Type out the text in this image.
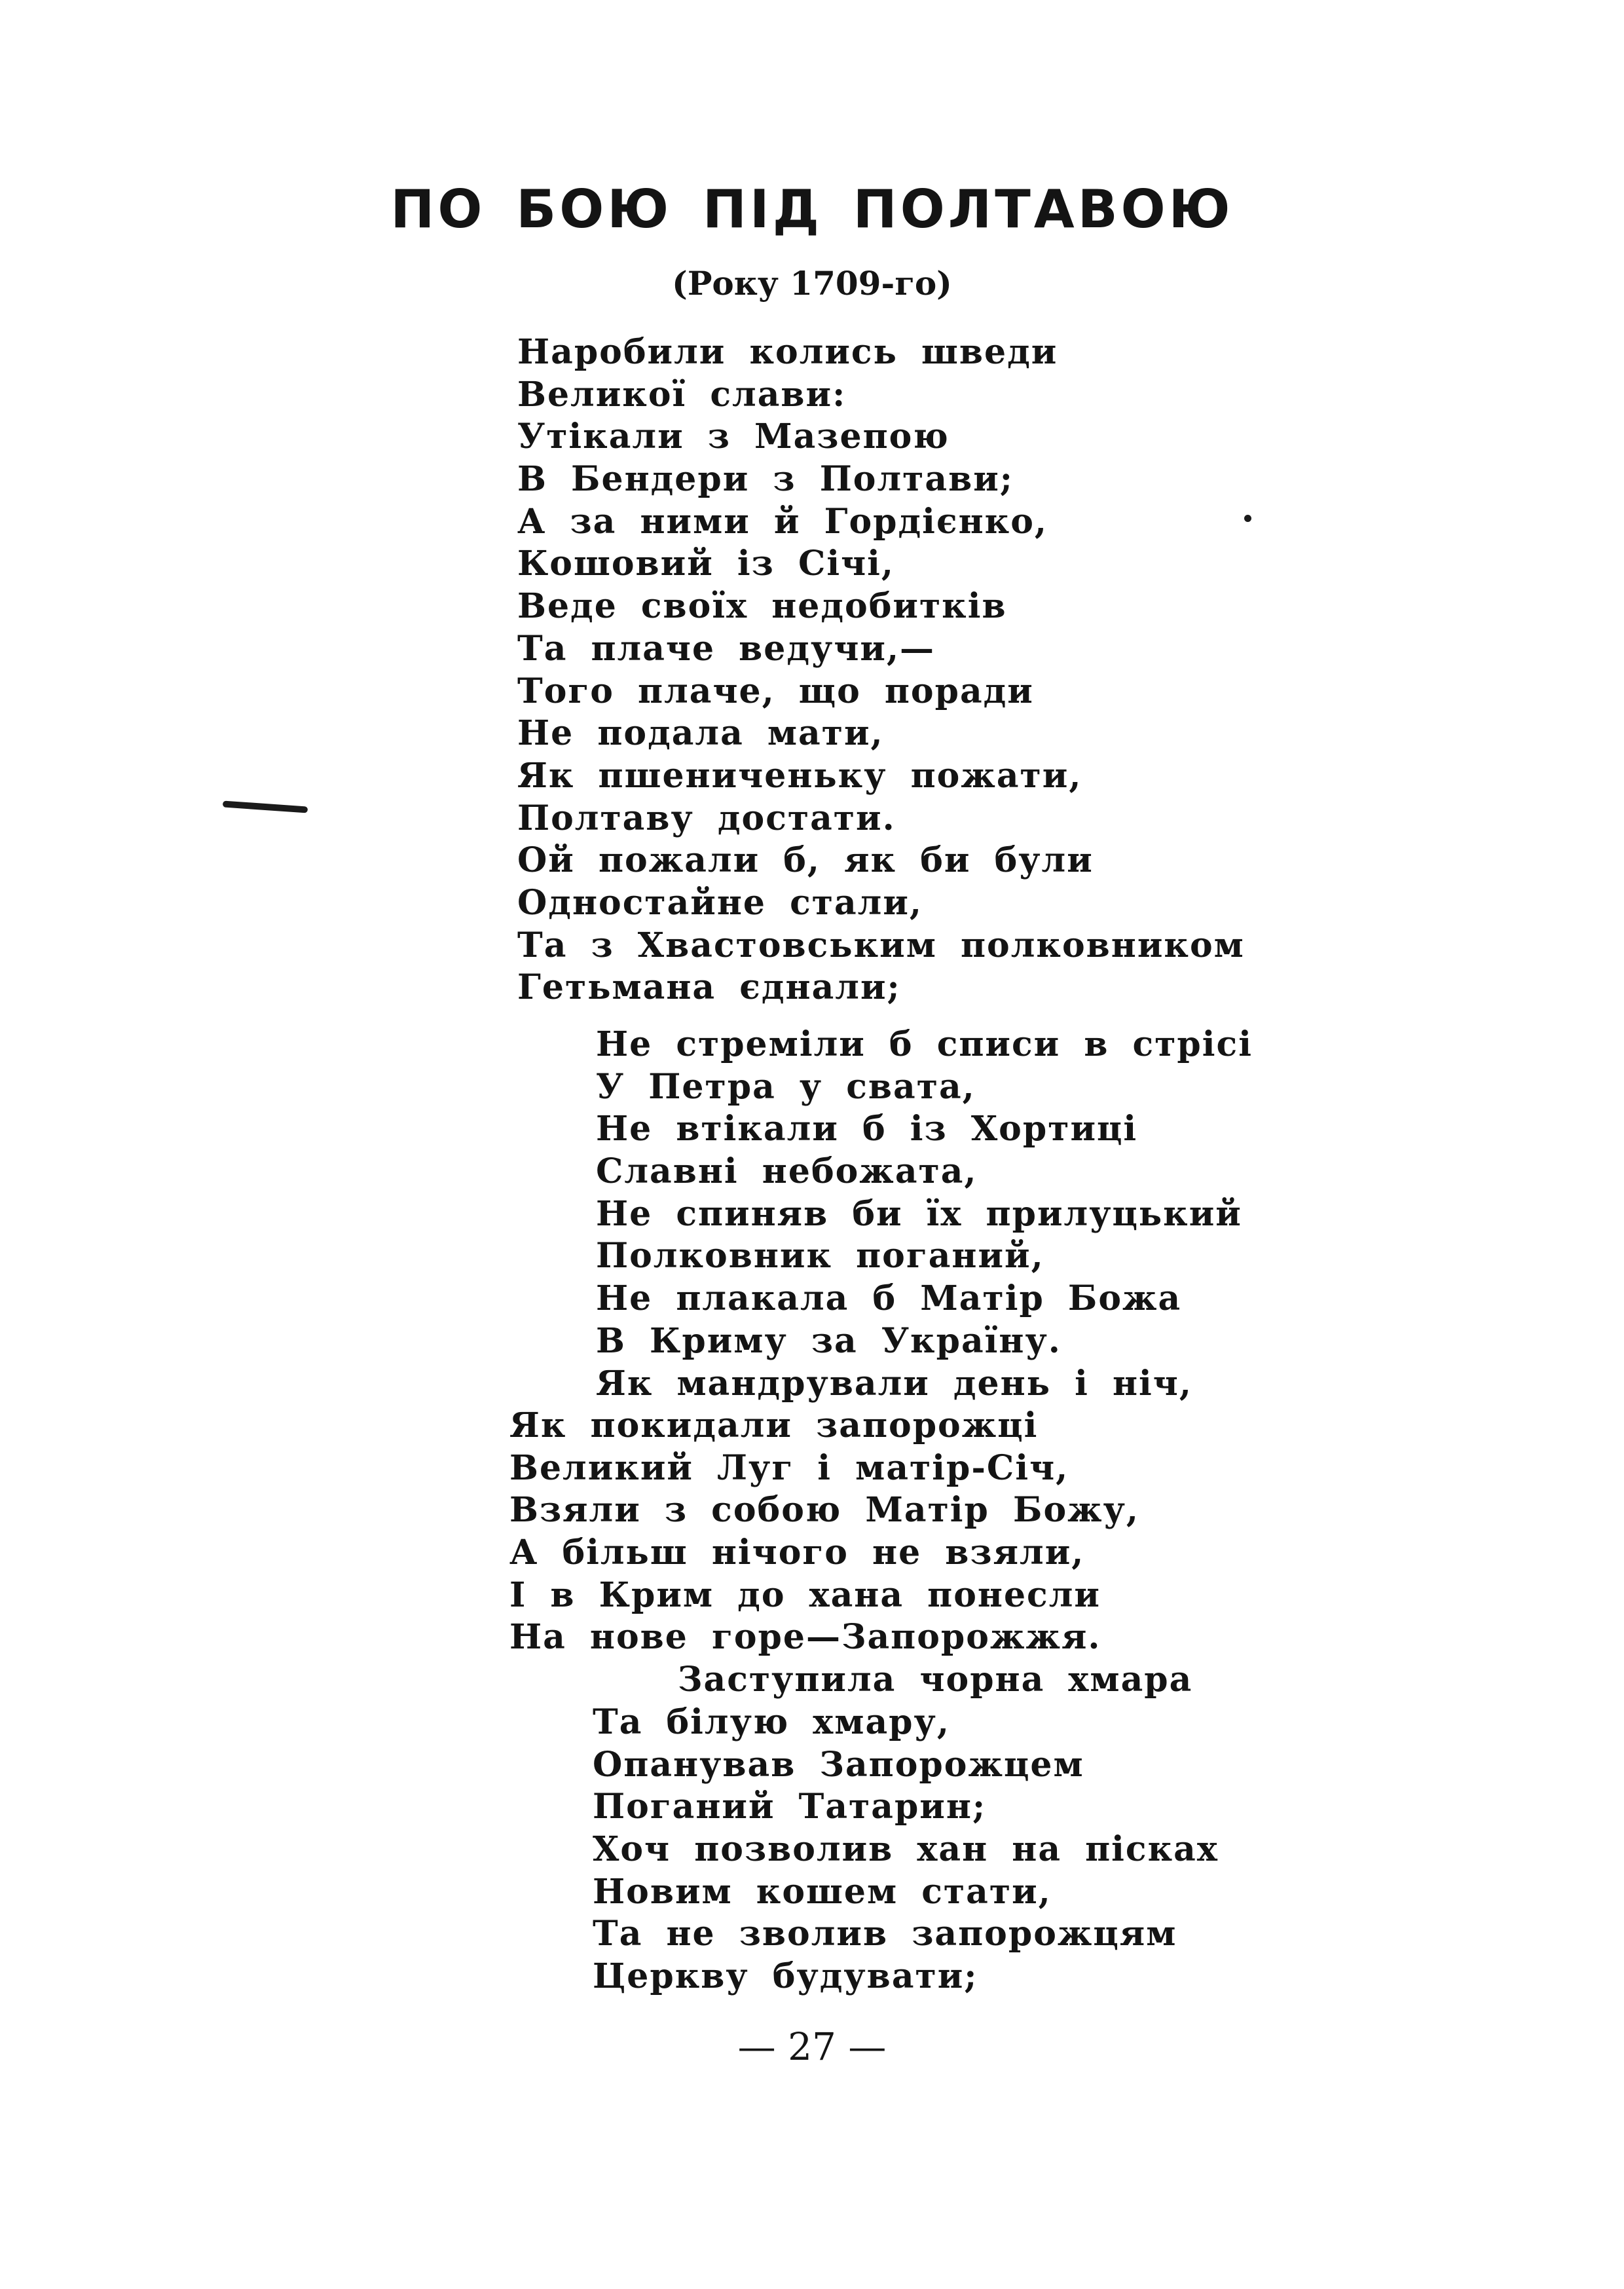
ПО БОЮ ПІД ПОЛТАВОЮ

(Року 1709-го)

Наробили колись шведи
Великої слави:
Утікали з Мазепою
В Бендери з Полтави;
А за ними й Гордієнко,
Кошовий із Січі,
Веде своїх недобитків
Та плаче ведучи,—
Того плаче, що поради
Не подала мати,
Як пшениченьку пожати,
Полтаву достати.
Ой пожали б, як би були
Одностайне стали,
Та з Хвастовським полковником
Гетьмана єднали;
Не стреміли б списи в стрісі
У Петра у свата,
Не втікали б із Хортиці
Славні небожата,
Не спиняв би їх прилуцький
Полковник поганий,
Не плакала б Матір Божа
В Криму за Україну.
Як мандрували день і ніч,
Як покидали запорожці
Великий Луг і матір-Січ,
Взяли з собою Матір Божу,
А більш нічого не взяли,
І в Крим до хана понесли
На нове горе—Запорожжя.
Заступила чорна хмара
Та білую хмару,
Опанував Запорожцем
Поганий Татарин;
Хоч позволив хан на пісках
Новим кошем стати,
Та не зволив запорожцям
Церкву будувати;

— 27 —
